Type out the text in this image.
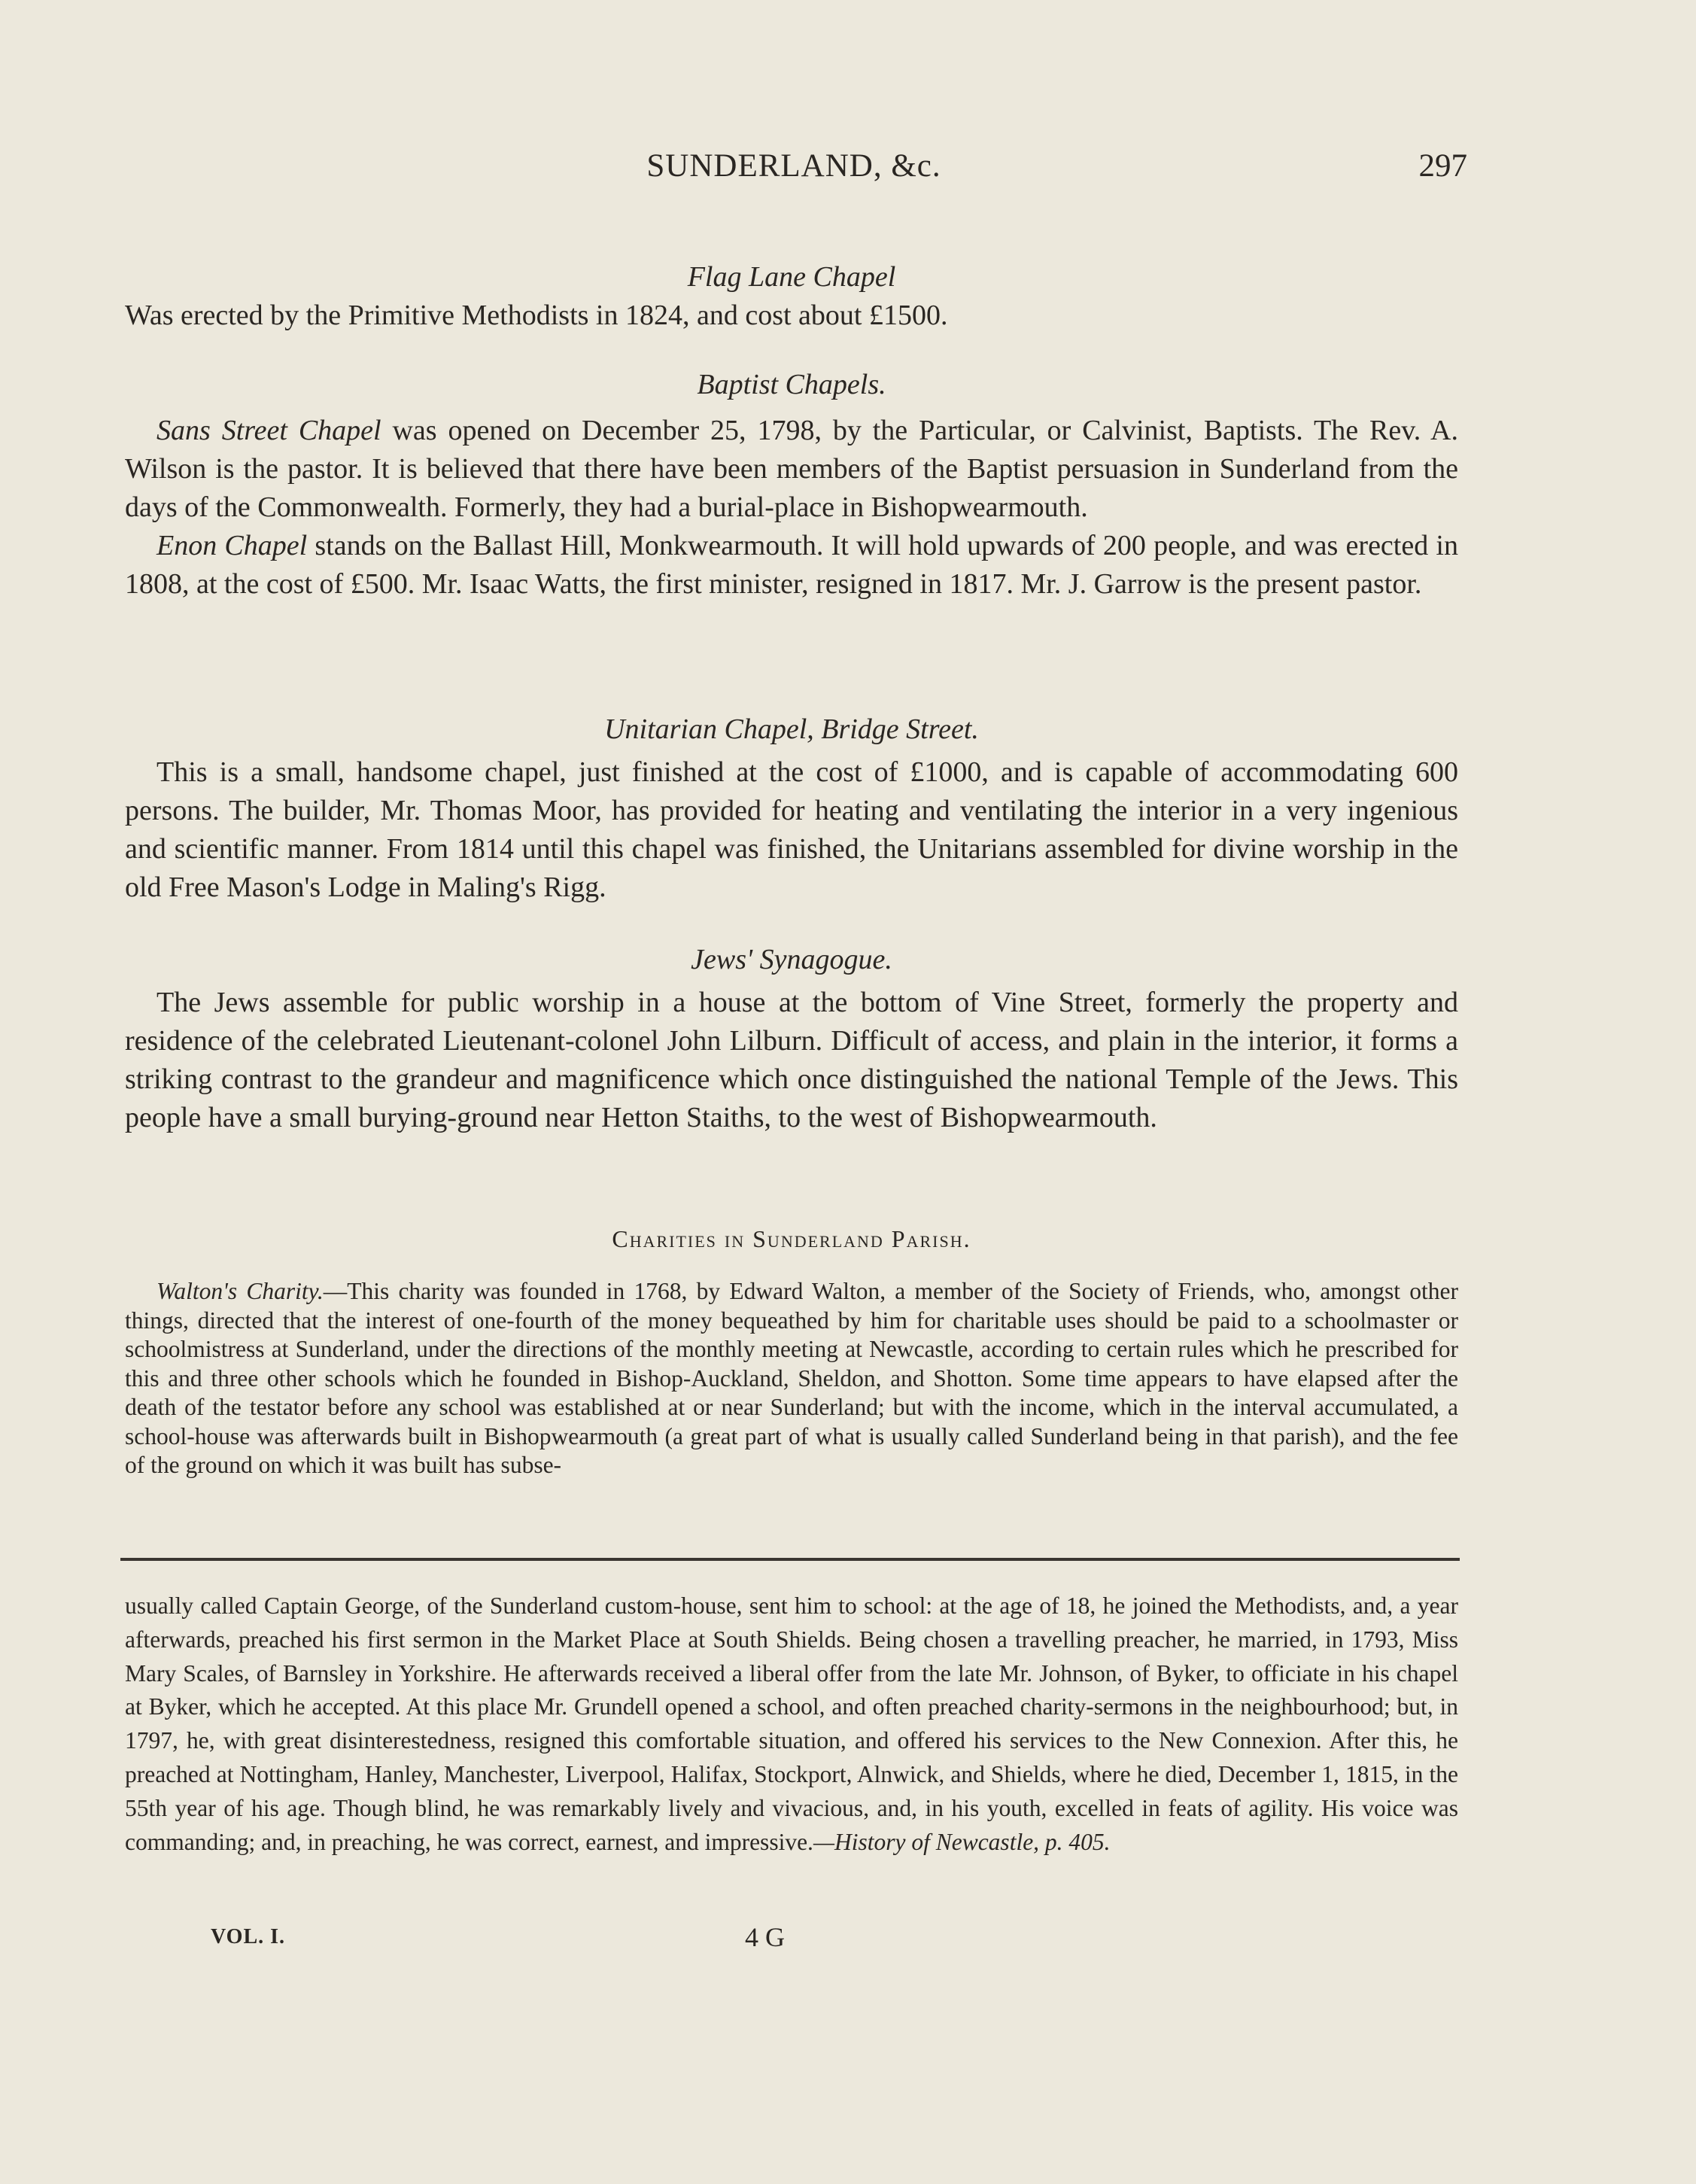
SUNDERLAND, &c.	297
Flag Lane Chapel

Was erected by the Primitive Methodists in 1824, and cost about £1500.

Baptist Chapels.

Sans Street Chapel was opened on December 25, 1798, by the Particular, or Calvinist, Baptists. The Rev. A. Wilson is the pastor. It is believed that there have been members of the Baptist persuasion in Sunderland from the days of the Commonwealth. Formerly, they had a burial-place in Bishopwearmouth.

Enon Chapel stands on the Ballast Hill, Monkwearmouth. It will hold upwards of 200 people, and was erected in 1808, at the cost of £500. Mr. Isaac Watts, the first minister, resigned in 1817. Mr. J. Garrow is the present pastor.

Unitarian Chapel, Bridge Street.

This is a small, handsome chapel, just finished at the cost of £1000, and is capable of accommodating 600 persons. The builder, Mr. Thomas Moor, has provided for heating and ventilating the interior in a very ingenious and scientific manner. From 1814 until this chapel was finished, the Unitarians assembled for divine worship in the old Free Mason's Lodge in Maling's Rigg.

Jews' Synagogue.

The Jews assemble for public worship in a house at the bottom of Vine Street, formerly the property and residence of the celebrated Lieutenant-colonel John Lilburn. Difficult of access, and plain in the interior, it forms a striking contrast to the grandeur and magnificence which once distinguished the national Temple of the Jews. This people have a small burying-ground near Hetton Staiths, to the west of Bishopwearmouth.

Charities in Sunderland Parish.

Walton's Charity.—This charity was founded in 1768, by Edward Walton, a member of the Society of Friends, who, amongst other things, directed that the interest of one-fourth of the money bequeathed by him for charitable uses should be paid to a schoolmaster or schoolmistress at Sunderland, under the directions of the monthly meeting at Newcastle, according to certain rules which he prescribed for this and three other schools which he founded in Bishop-Auckland, Sheldon, and Shotton. Some time appears to have elapsed after the death of the testator before any school was established at or near Sunderland; but with the income, which in the interval accumulated, a school-house was afterwards built in Bishopwearmouth (a great part of what is usually called Sunderland being in that parish), and the fee of the ground on which it was built has subse-

usually called Captain George, of the Sunderland custom-house, sent him to school: at the age of 18, he joined the Methodists, and, a year afterwards, preached his first sermon in the Market Place at South Shields. Being chosen a travelling preacher, he married, in 1793, Miss Mary Scales, of Barnsley in Yorkshire. He afterwards received a liberal offer from the late Mr. Johnson, of Byker, to officiate in his chapel at Byker, which he accepted. At this place Mr. Grundell opened a school, and often preached charity-sermons in the neighbourhood; but, in 1797, he, with great disinterestedness, resigned this comfortable situation, and offered his services to the New Connexion. After this, he preached at Nottingham, Hanley, Manchester, Liverpool, Halifax, Stockport, Alnwick, and Shields, where he died, December 1, 1815, in the 55th year of his age. Though blind, he was remarkably lively and vivacious, and, in his youth, excelled in feats of agility. His voice was commanding; and, in preaching, he was correct, earnest, and impressive.—History of Newcastle, p. 405.
VOL. I.	4 G
